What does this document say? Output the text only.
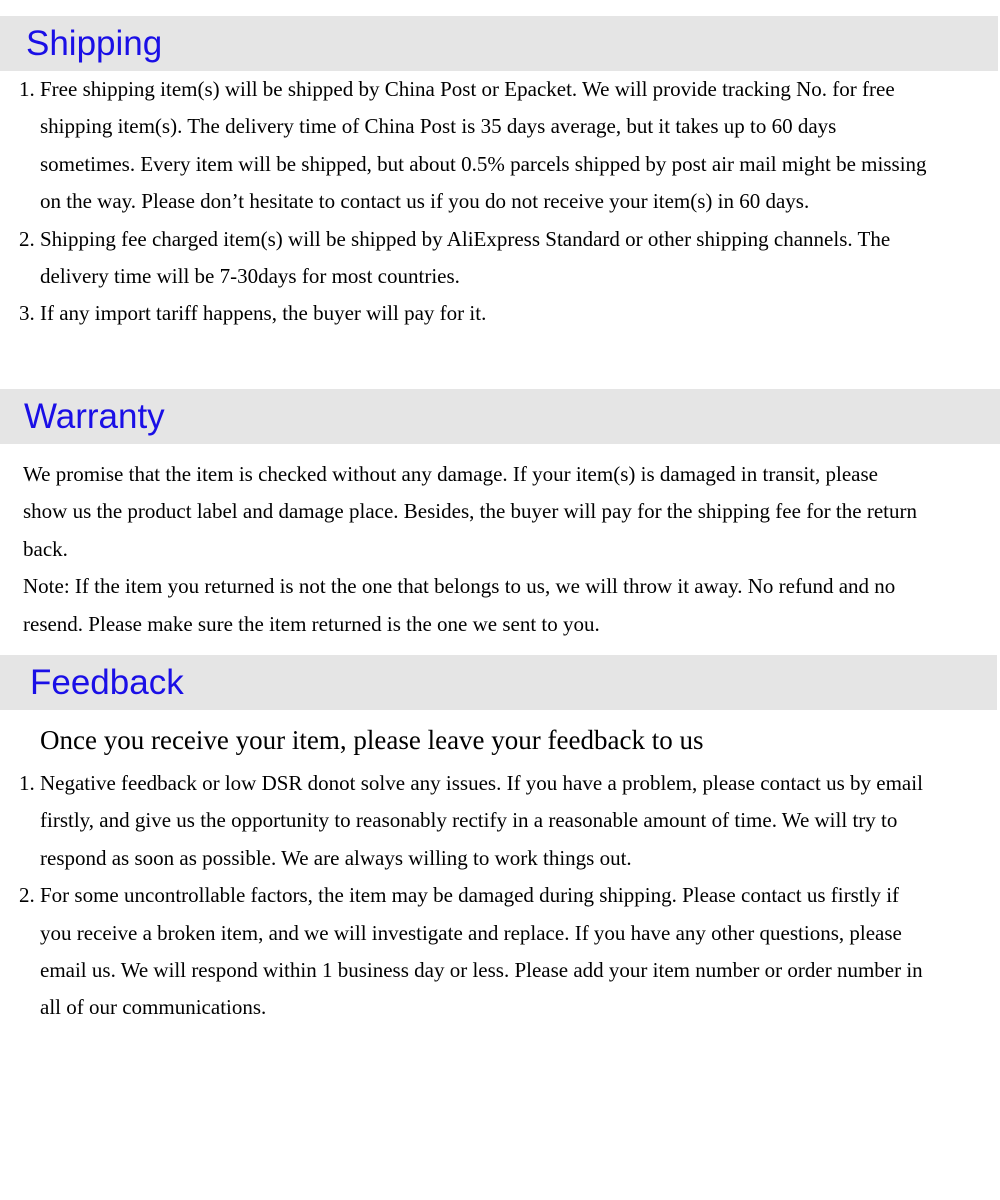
Shipping
1. Free shipping item(s) will be shipped by China Post or Epacket. We will provide tracking No. for free shipping item(s). The delivery time of China Post is 35 days average, but it takes up to 60 days sometimes. Every item will be shipped, but about 0.5% parcels shipped by post air mail might be missing on the way. Please don’t hesitate to contact us if you do not receive your item(s) in 60 days.
2. Shipping fee charged item(s) will be shipped by AliExpress Standard or other shipping channels. The delivery time will be 7-30days for most countries.
3. If any import tariff happens, the buyer will pay for it.
Warranty

We promise that the item is checked without any damage. If your item(s) is damaged in transit, please show us the product label and damage place. Besides, the buyer will pay for the shipping fee for the return back.

Note: If the item you returned is not the one that belongs to us, we will throw it away. No refund and no resend. Please make sure the item returned is the one we sent to you.

Feedback
Once you receive your item, please leave your feedback to us
1. Negative feedback or low DSR donot solve any issues. If you have a problem, please contact us by email firstly, and give us the opportunity to reasonably rectify in a reasonable amount of time. We will try to respond as soon as possible. We are always willing to work things out.
2. For some uncontrollable factors, the item may be damaged during shipping. Please contact us firstly if you receive a broken item, and we will investigate and replace. If you have any other questions, please email us. We will respond within 1 business day or less. Please add your item number or order number in all of our communications.
